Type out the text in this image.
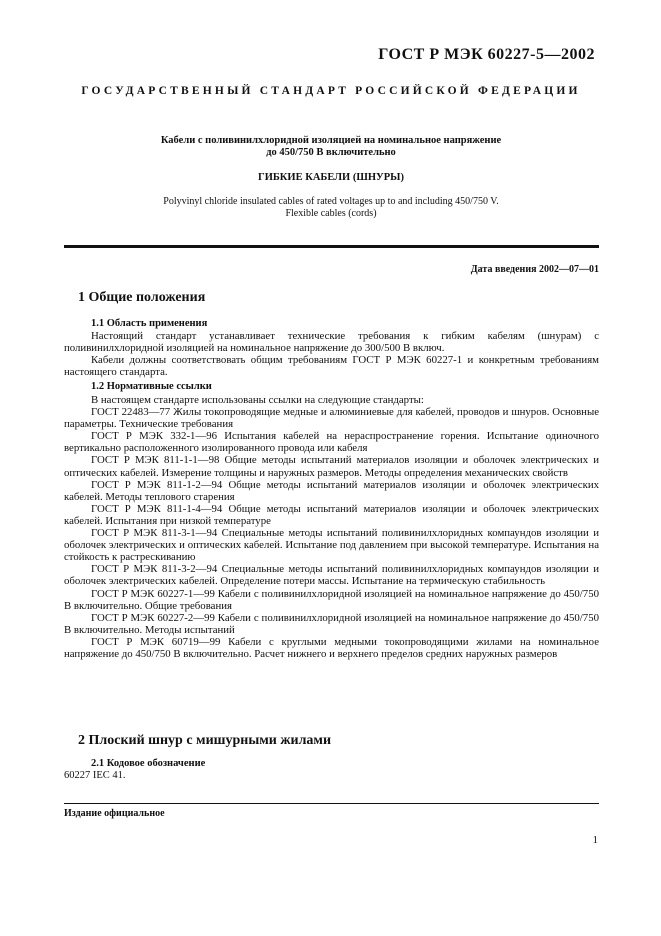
ГОСТ Р МЭК 60227-5—2002
ГОСУДАРСТВЕННЫЙ СТАНДАРТ РОССИЙСКОЙ ФЕДЕРАЦИИ
Кабели с поливинилхлоридной изоляцией на номинальное напряжение
до 450/750 В включительно
ГИБКИЕ КАБЕЛИ (ШНУРЫ)
Polyvinyl chloride insulated cables of rated voltages up to and including 450/750 V.
Flexible cables (cords)
Дата введения 2002—07—01
1 Общие положения
1.1 Область применения

Настоящий стандарт устанавливает технические требования к гибким кабелям (шнурам) с поливинилхлоридной изоляцией на номинальное напряжение до 300/500 В включ.

Кабели должны соответствовать общим требованиям ГОСТ Р МЭК 60227-1 и конкретным требованиям настоящего стандарта.

1.2 Нормативные ссылки

В настоящем стандарте использованы ссылки на следующие стандарты:

ГОСТ 22483—77 Жилы токопроводящие медные и алюминиевые для кабелей, проводов и шнуров. Основные параметры. Технические требования

ГОСТ Р МЭК 332-1—96 Испытания кабелей на нераспространение горения. Испытание одиночного вертикально расположенного изолированного провода или кабеля

ГОСТ Р МЭК 811-1-1—98 Общие методы испытаний материалов изоляции и оболочек электрических и оптических кабелей. Измерение толщины и наружных размеров. Методы определения механических свойств

ГОСТ Р МЭК 811-1-2—94 Общие методы испытаний материалов изоляции и оболочек электрических кабелей. Методы теплового старения

ГОСТ Р МЭК 811-1-4—94 Общие методы испытаний материалов изоляции и оболочек электрических кабелей. Испытания при низкой температуре

ГОСТ Р МЭК 811-3-1—94 Специальные методы испытаний поливинилхлоридных компаундов изоляции и оболочек электрических и оптических кабелей. Испытание под давлением при высокой температуре. Испытания на стойкость к растрескиванию

ГОСТ Р МЭК 811-3-2—94 Специальные методы испытаний поливинилхлоридных компаундов изоляции и оболочек электрических кабелей. Определение потери массы. Испытание на термическую стабильность

ГОСТ Р МЭК 60227-1—99 Кабели с поливинилхлоридной изоляцией на номинальное напряжение до 450/750 В включительно. Общие требования

ГОСТ Р МЭК 60227-2—99 Кабели с поливинилхлоридной изоляцией на номинальное напряжение до 450/750 В включительно. Методы испытаний

ГОСТ Р МЭК 60719—99 Кабели с круглыми медными токопроводящими жилами на номинальное напряжение до 450/750 В включительно. Расчет нижнего и верхнего пределов средних наружных размеров

2 Плоский шнур с мишурными жилами
2.1 Кодовое обозначение
60227 IEC 41.
Издание официальное
1
